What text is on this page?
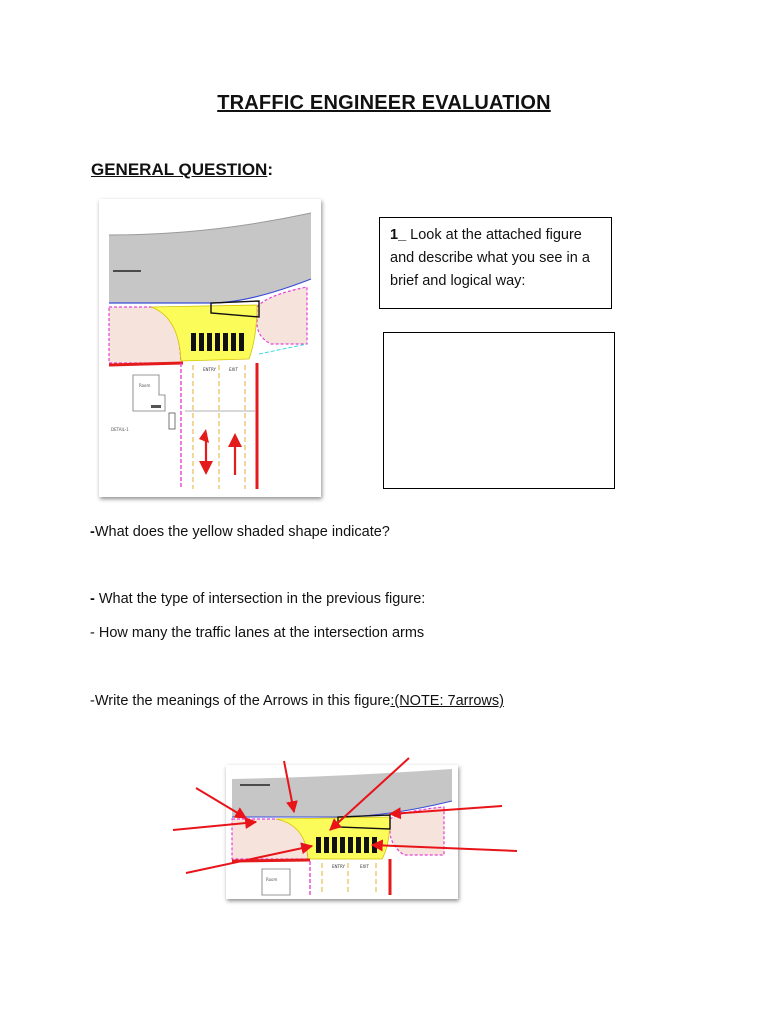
TRAFFIC ENGINEER EVALUATION
GENERAL QUESTION:
ENTRY	EXIT
Room
DETAIL-1
1_ Look at the attached figure and describe what you see in a brief and logical way:
-What does the yellow shaded shape indicate?
- What the type of intersection in the previous figure:
- How many the traffic lanes at the intersection arms
-Write the meanings of the Arrows in this figure:(NOTE: 7arrows)
ENTRY	EXIT
Room
